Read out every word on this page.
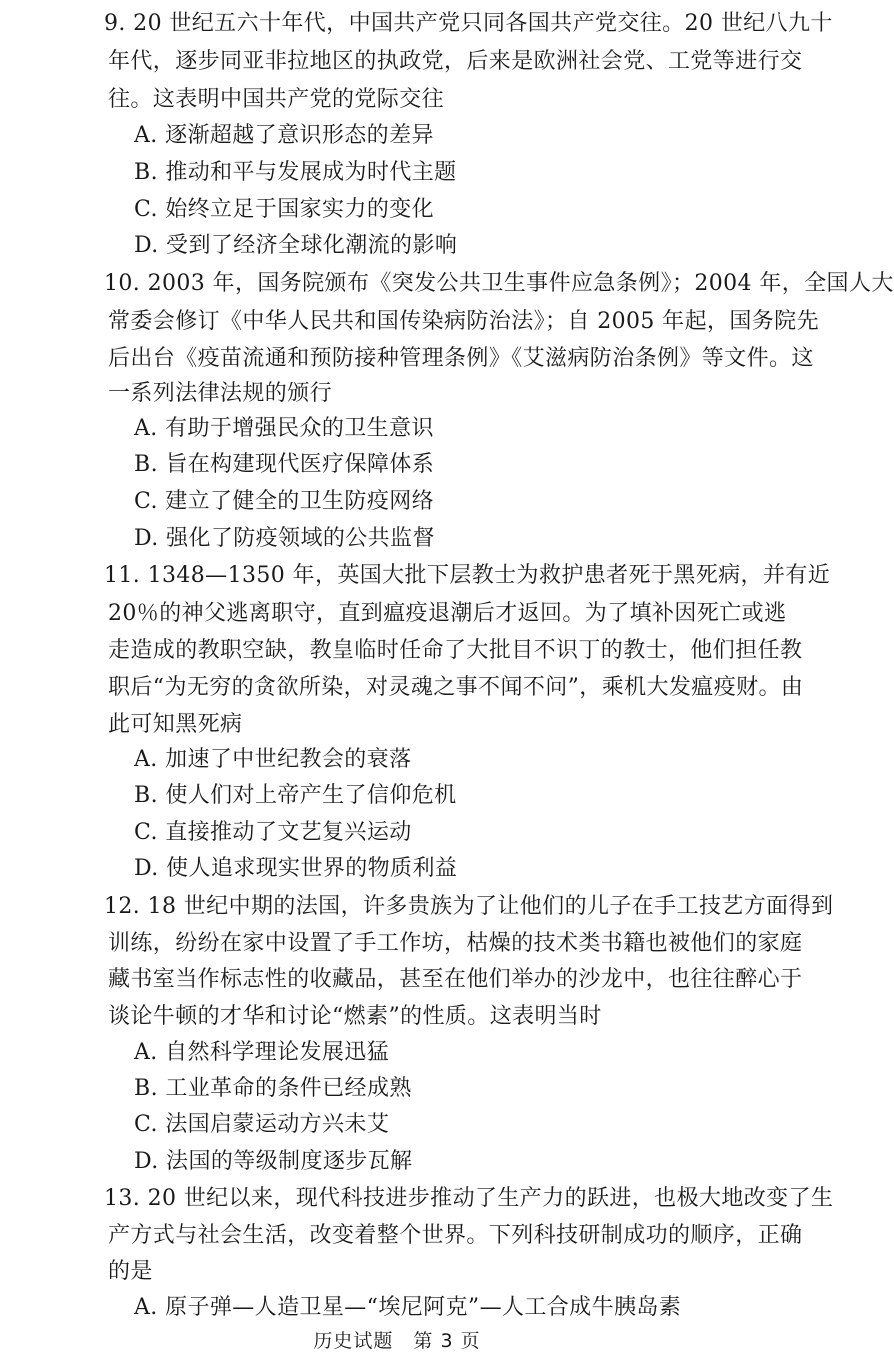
9. 20 世纪五六十年代，中国共产党只同各国共产党交往。20 世纪八九十
年代，逐步同亚非拉地区的执政党，后来是欧洲社会党、工党等进行交
往。这表明中国共产党的党际交往
A. 逐渐超越了意识形态的差异
B. 推动和平与发展成为时代主题
C. 始终立足于国家实力的变化
D. 受到了经济全球化潮流的影响
10. 2003 年，国务院颁布《突发公共卫生事件应急条例》；2004 年，全国人大
常委会修订《中华人民共和国传染病防治法》；自 2005 年起，国务院先
后出台《疫苗流通和预防接种管理条例》《艾滋病防治条例》等文件。这
一系列法律法规的颁行
A. 有助于增强民众的卫生意识
B. 旨在构建现代医疗保障体系
C. 建立了健全的卫生防疫网络
D. 强化了防疫领域的公共监督
11. 1348—1350 年，英国大批下层教士为救护患者死于黑死病，并有近
20％的神父逃离职守，直到瘟疫退潮后才返回。为了填补因死亡或逃
走造成的教职空缺，教皇临时任命了大批目不识丁的教士，他们担任教
职后“为无穷的贪欲所染，对灵魂之事不闻不问”，乘机大发瘟疫财。由
此可知黑死病
A. 加速了中世纪教会的衰落
B. 使人们对上帝产生了信仰危机
C. 直接推动了文艺复兴运动
D. 使人追求现实世界的物质利益
12. 18 世纪中期的法国，许多贵族为了让他们的儿子在手工技艺方面得到
训练，纷纷在家中设置了手工作坊，枯燥的技术类书籍也被他们的家庭
藏书室当作标志性的收藏品，甚至在他们举办的沙龙中，也往往醉心于
谈论牛顿的才华和讨论“燃素”的性质。这表明当时
A. 自然科学理论发展迅猛
B. 工业革命的条件已经成熟
C. 法国启蒙运动方兴未艾
D. 法国的等级制度逐步瓦解
13. 20 世纪以来，现代科技进步推动了生产力的跃进，也极大地改变了生
产方式与社会生活，改变着整个世界。下列科技研制成功的顺序，正确
的是
A. 原子弹—人造卫星—“埃尼阿克”—人工合成牛胰岛素
历史试题　第 3 页
